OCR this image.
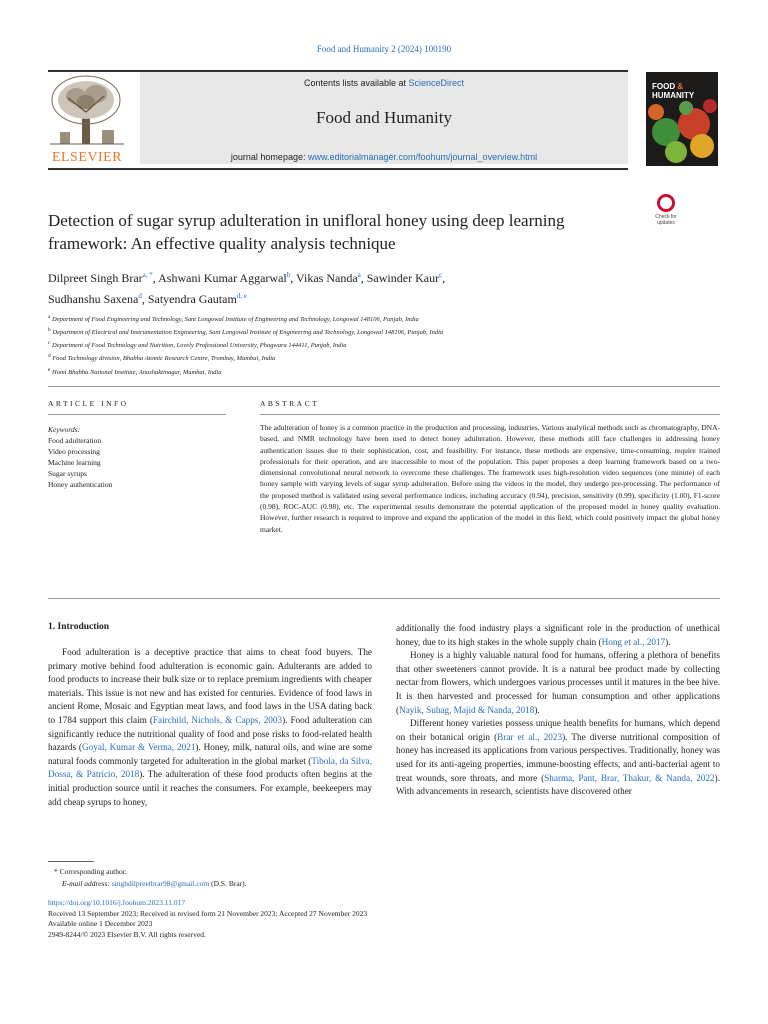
Food and Humanity 2 (2024) 100190
ELSEVIER
Contents lists available at ScienceDirect
Food and Humanity
journal homepage: www.editorialmanager.com/foohum/journal_overview.html
FOOD &
HUMANITY
Check for updates
Detection of sugar syrup adulteration in unifloral honey using deep learning framework: An effective quality analysis technique
Dilpreet Singh Brar$^{a, *}$, Ashwani Kumar Aggarwal$^b$, Vikas Nanda$^a$, Sawinder Kaur$^c$,
Sudhanshu Saxena$^d$, Satyendra Gautam$^{d, e}$
$^a$ Department of Food Engineering and Technology, Sant Longowal Institute of Engineering and Technology, Longowal 148106, Punjab, India
$^b$ Department of Electrical and Instrumentation Engineering, Sant Longowal Institute of Engineering and Technology, Longowal 148106, Punjab, India
$^c$ Department of Food Technology and Nutrition, Lovely Professional University, Phagwara 144411, Punjab, India
$^d$ Food Technology division, Bhabha Atomic Research Centre, Trombay, Mumbai, India
$^e$ Homi Bhabha National Institute, Anushaktinagar, Mumbai, India
ARTICLE INFO	ABSTRACT
Keywords:
Food adulteration
Video processing
Machine learning
Sugar syrups
Honey authentication
The adulteration of honey is a common practice in the production and processing, industries. Various analytical methods such as chromatography, DNA-based, and NMR technology have been used to detect honey adulteration. However, these methods still face challenges in addressing honey authentication issues due to their sophistication, cost, and feasibility. For instance, these methods are expensive, time-consuming, require trained professionals for their operation, and are inaccessible to most of the population. This paper proposes a deep learning framework based on a two-dimensional convolutional neural network to overcome these challenges. The framework uses high-resolution video sequences (one minute) of each honey sample with varying levels of sugar syrup adulteration. Before using the videos in the model, they undergo pre-processing. The performance of the proposed method is validated using several performance indices, including accuracy (0.94), precision, sensitivity (0.99), specificity (1.00), F1-score (0.98), ROC-AUC (0.98), etc. The experimental results demonstrate the potential application of the proposed model in honey quality evaluation. However, further research is required to improve and expand the application of the model in this field, which could positively impact the global honey market.
1. Introduction

Food adulteration is a deceptive practice that aims to cheat food buyers. The primary motive behind food adulteration is economic gain. Adulterants are added to food products to increase their bulk size or to replace premium ingredients with cheaper materials. This issue is not new and has existed for centuries. Evidence of food laws in ancient Rome, Mosaic and Egyptian meat laws, and food laws in the USA dating back to 1784 support this claim (Fairchild, Nichols, & Capps, 2003). Food adulteration can significantly reduce the nutritional quality of food and pose risks to food-related health hazards (Goyal, Kumar & Verma, 2021). Honey, milk, natural oils, and wine are some natural foods commonly targeted for adulteration in the global market (Tibola, da Silva, Dossa, & Patrício, 2018). The adulteration of these food products often begins at the initial production source until it reaches the consumers. For example, beekeepers may add cheap syrups to honey,

additionally the food industry plays a significant role in the production of unethical honey, due to its high stakes in the whole supply chain (Hong et al., 2017).

Honey is a highly valuable natural food for humans, offering a plethora of benefits that other sweeteners cannot provide. It is a natural bee product made by collecting nectar from flowers, which undergoes various processes until it matures in the bee hive. It is then harvested and processed for human consumption and other applications (Nayik, Suhag, Majid & Nanda, 2018).

Different honey varieties possess unique health benefits for humans, which depend on their botanical origin (Brar et al., 2023). The diverse nutritional composition of honey has increased its applications from various perspectives. Traditionally, honey was used for its anti-ageing properties, immune-boosting effects, and anti-bacterial agent to treat wounds, sore throats, and more (Sharma, Pant, Brar, Thakur, & Nanda, 2022). With advancements in research, scientists have discovered other

* Corresponding author.
E-mail address: singhdilpreetbrar98@gmail.com (D.S. Brar).
https://doi.org/10.1016/j.foohum.2023.11.017
Received 13 September 2023; Received in revised form 21 November 2023; Accepted 27 November 2023
Available online 1 December 2023
2949-8244/© 2023 Elsevier B.V. All rights reserved.
